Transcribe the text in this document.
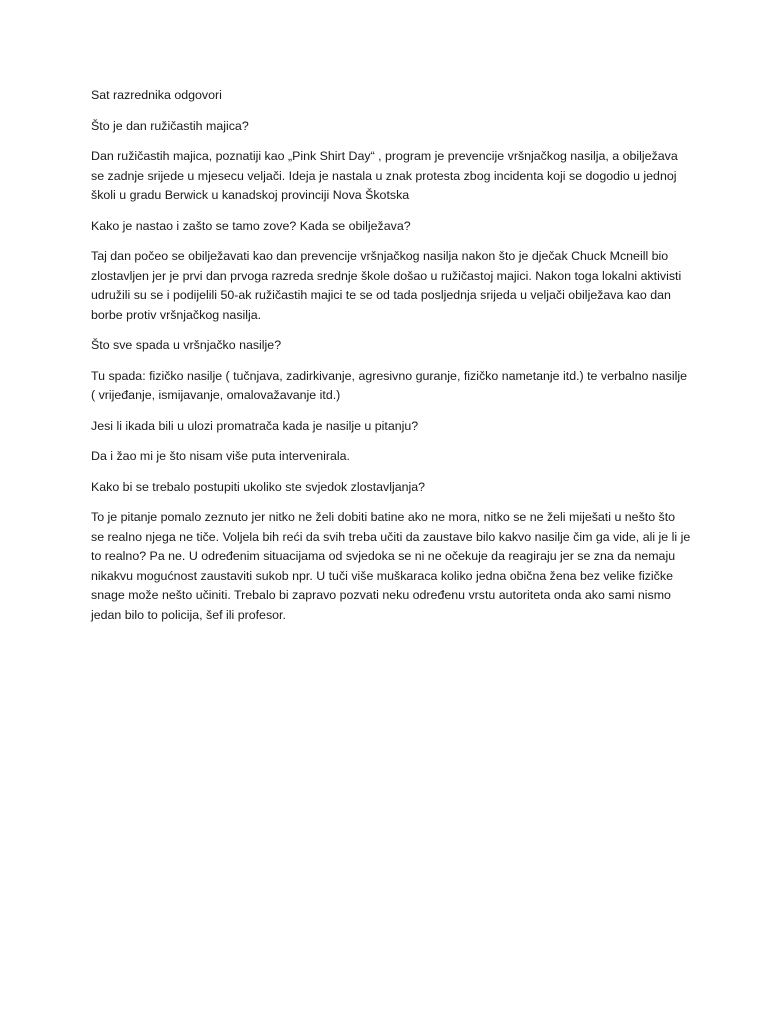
Sat razrednika odgovori

Što je dan ružičastih majica?

Dan ružičastih majica, poznatiji kao „Pink Shirt Day“ , program je prevencije vršnjačkog nasilja, a obilježava se zadnje srijede u mjesecu veljači. Ideja je nastala u znak protesta zbog incidenta koji se dogodio u jednoj školi u gradu Berwick u kanadskoj provinciji Nova Škotska

Kako je nastao i zašto se tamo zove? Kada se obilježava?

Taj dan počeo se obilježavati kao dan prevencije vršnjačkog nasilja nakon što je dječak Chuck Mcneill bio zlostavljen jer je prvi dan prvoga razreda srednje škole došao u ružičastoj majici. Nakon toga lokalni aktivisti udružili su se i podijelili 50-ak ružičastih majici te se od tada posljednja srijeda u veljači obilježava kao dan borbe protiv vršnjačkog nasilja.

Što sve spada u vršnjačko nasilje?

Tu spada: fizičko nasilje ( tučnjava, zadirkivanje, agresivno guranje, fizičko nametanje itd.) te verbalno nasilje ( vrijeđanje, ismijavanje, omalovažavanje itd.)

Jesi li ikada bili u ulozi promatrača kada je nasilje u pitanju?

Da i žao mi je što nisam više puta intervenirala.

Kako bi se trebalo postupiti ukoliko ste svjedok zlostavljanja?

To je pitanje pomalo zeznuto jer nitko ne želi dobiti batine ako ne mora, nitko se ne želi miješati u nešto što se realno njega ne tiče. Voljela bih reći da svih treba učiti da zaustave bilo kakvo nasilje čim ga vide, ali je li je to realno? Pa ne. U određenim situacijama od svjedoka se ni ne očekuje da reagiraju jer se zna da nemaju nikakvu mogućnost zaustaviti sukob npr. U tuči više muškaraca koliko jedna obična žena bez velike fizičke snage može nešto učiniti. Trebalo bi zapravo pozvati neku određenu vrstu autoriteta onda ako sami nismo jedan bilo to policija, šef ili profesor.
